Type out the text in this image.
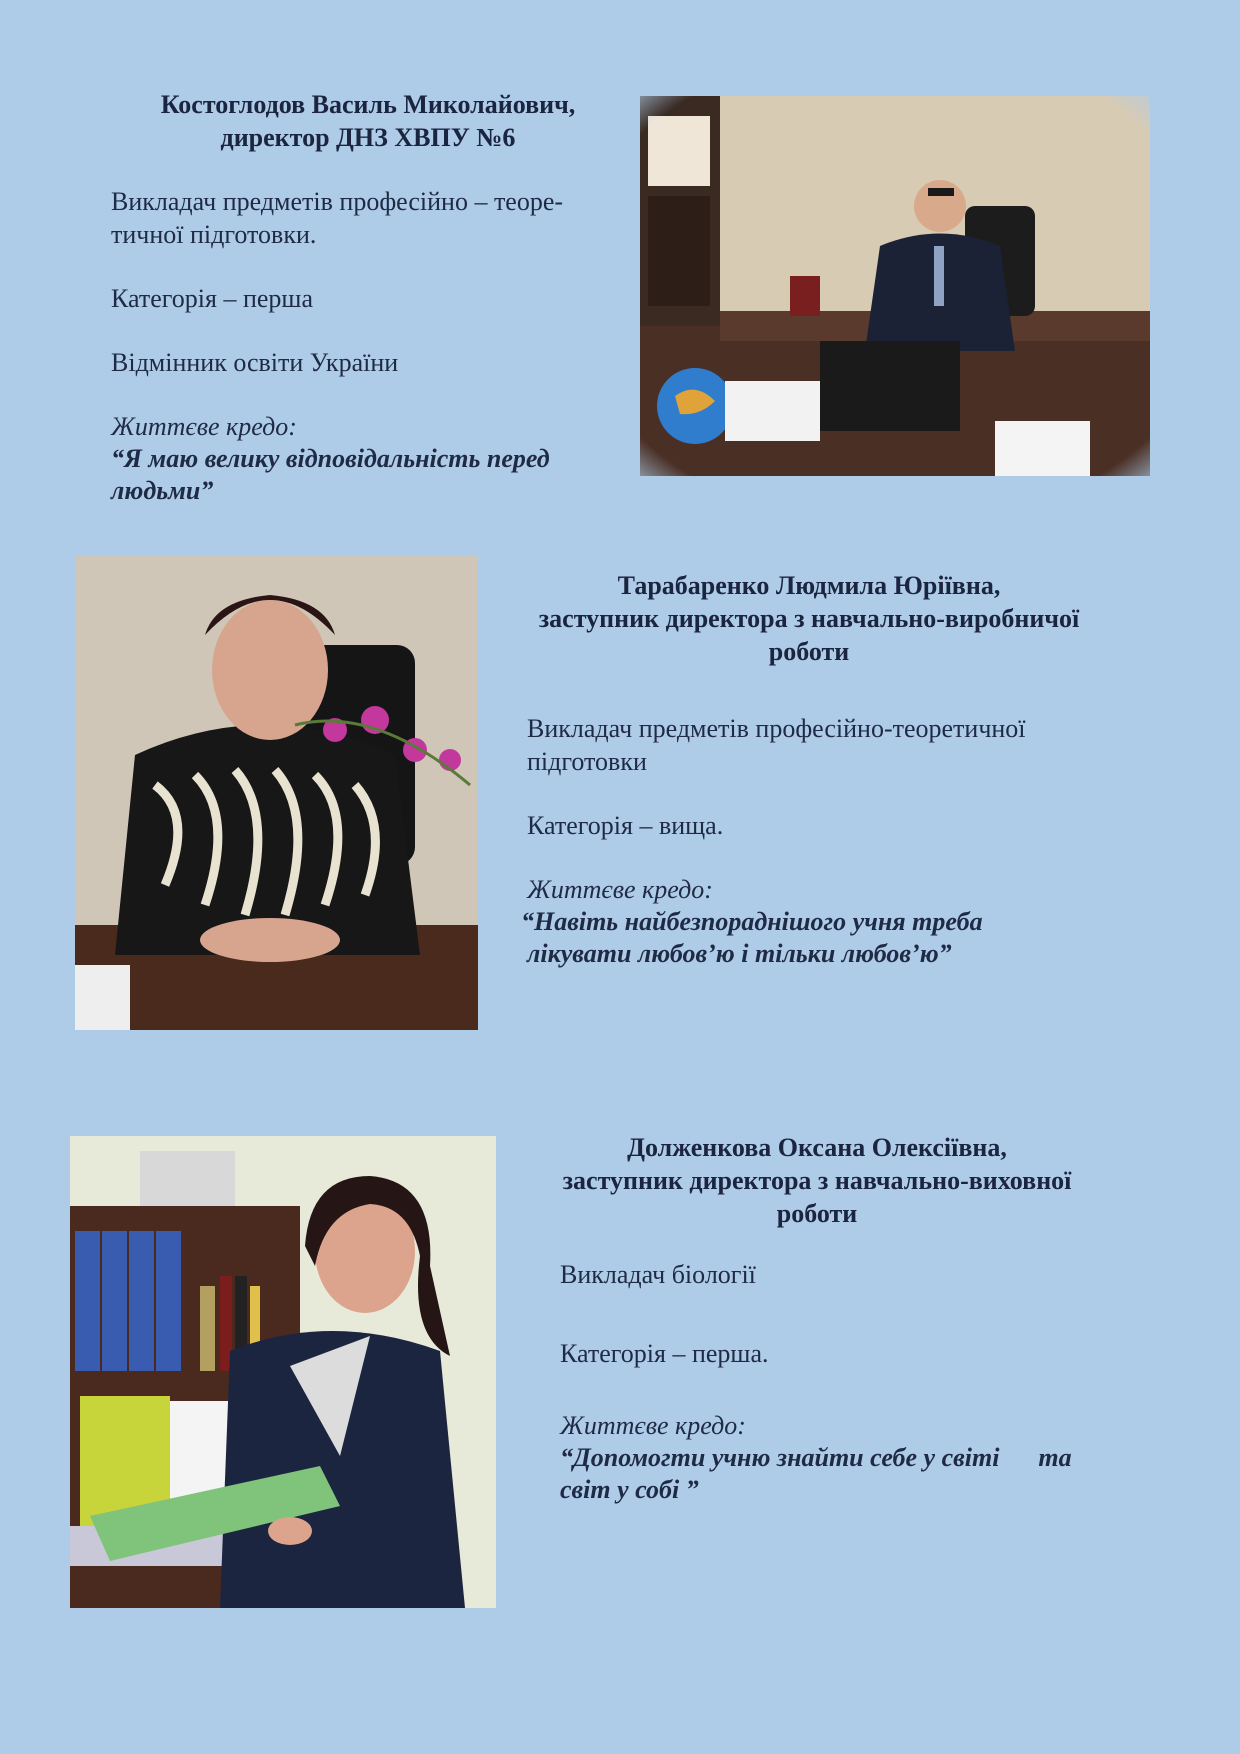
Костоглодов Василь Миколайович,

директор ДНЗ ХВПУ №6

Викладач предметів професійно – теоре-

тичної підготовки.

Категорія – перша

Відмінник освіти України

Життєве кредо:

“Я маю велику відповідальність перед

людьми”

Тарабаренко Людмила Юріївна,

заступник директора з навчально-виробничої

роботи

Викладач предметів професійно-теоретичної

підготовки

Категорія – вища.

Життєве кредо:

“Навіть найбезпораднішого учня треба

лікувати любов’ю і тільки любов’ю”

Долженкова Оксана Олексіївна,

заступник директора з навчально-виховної

роботи

Викладач біології

Категорія – перша.

Життєве кредо:

“Допомогти учню знайти себе у світі      та

світ у собі ”
